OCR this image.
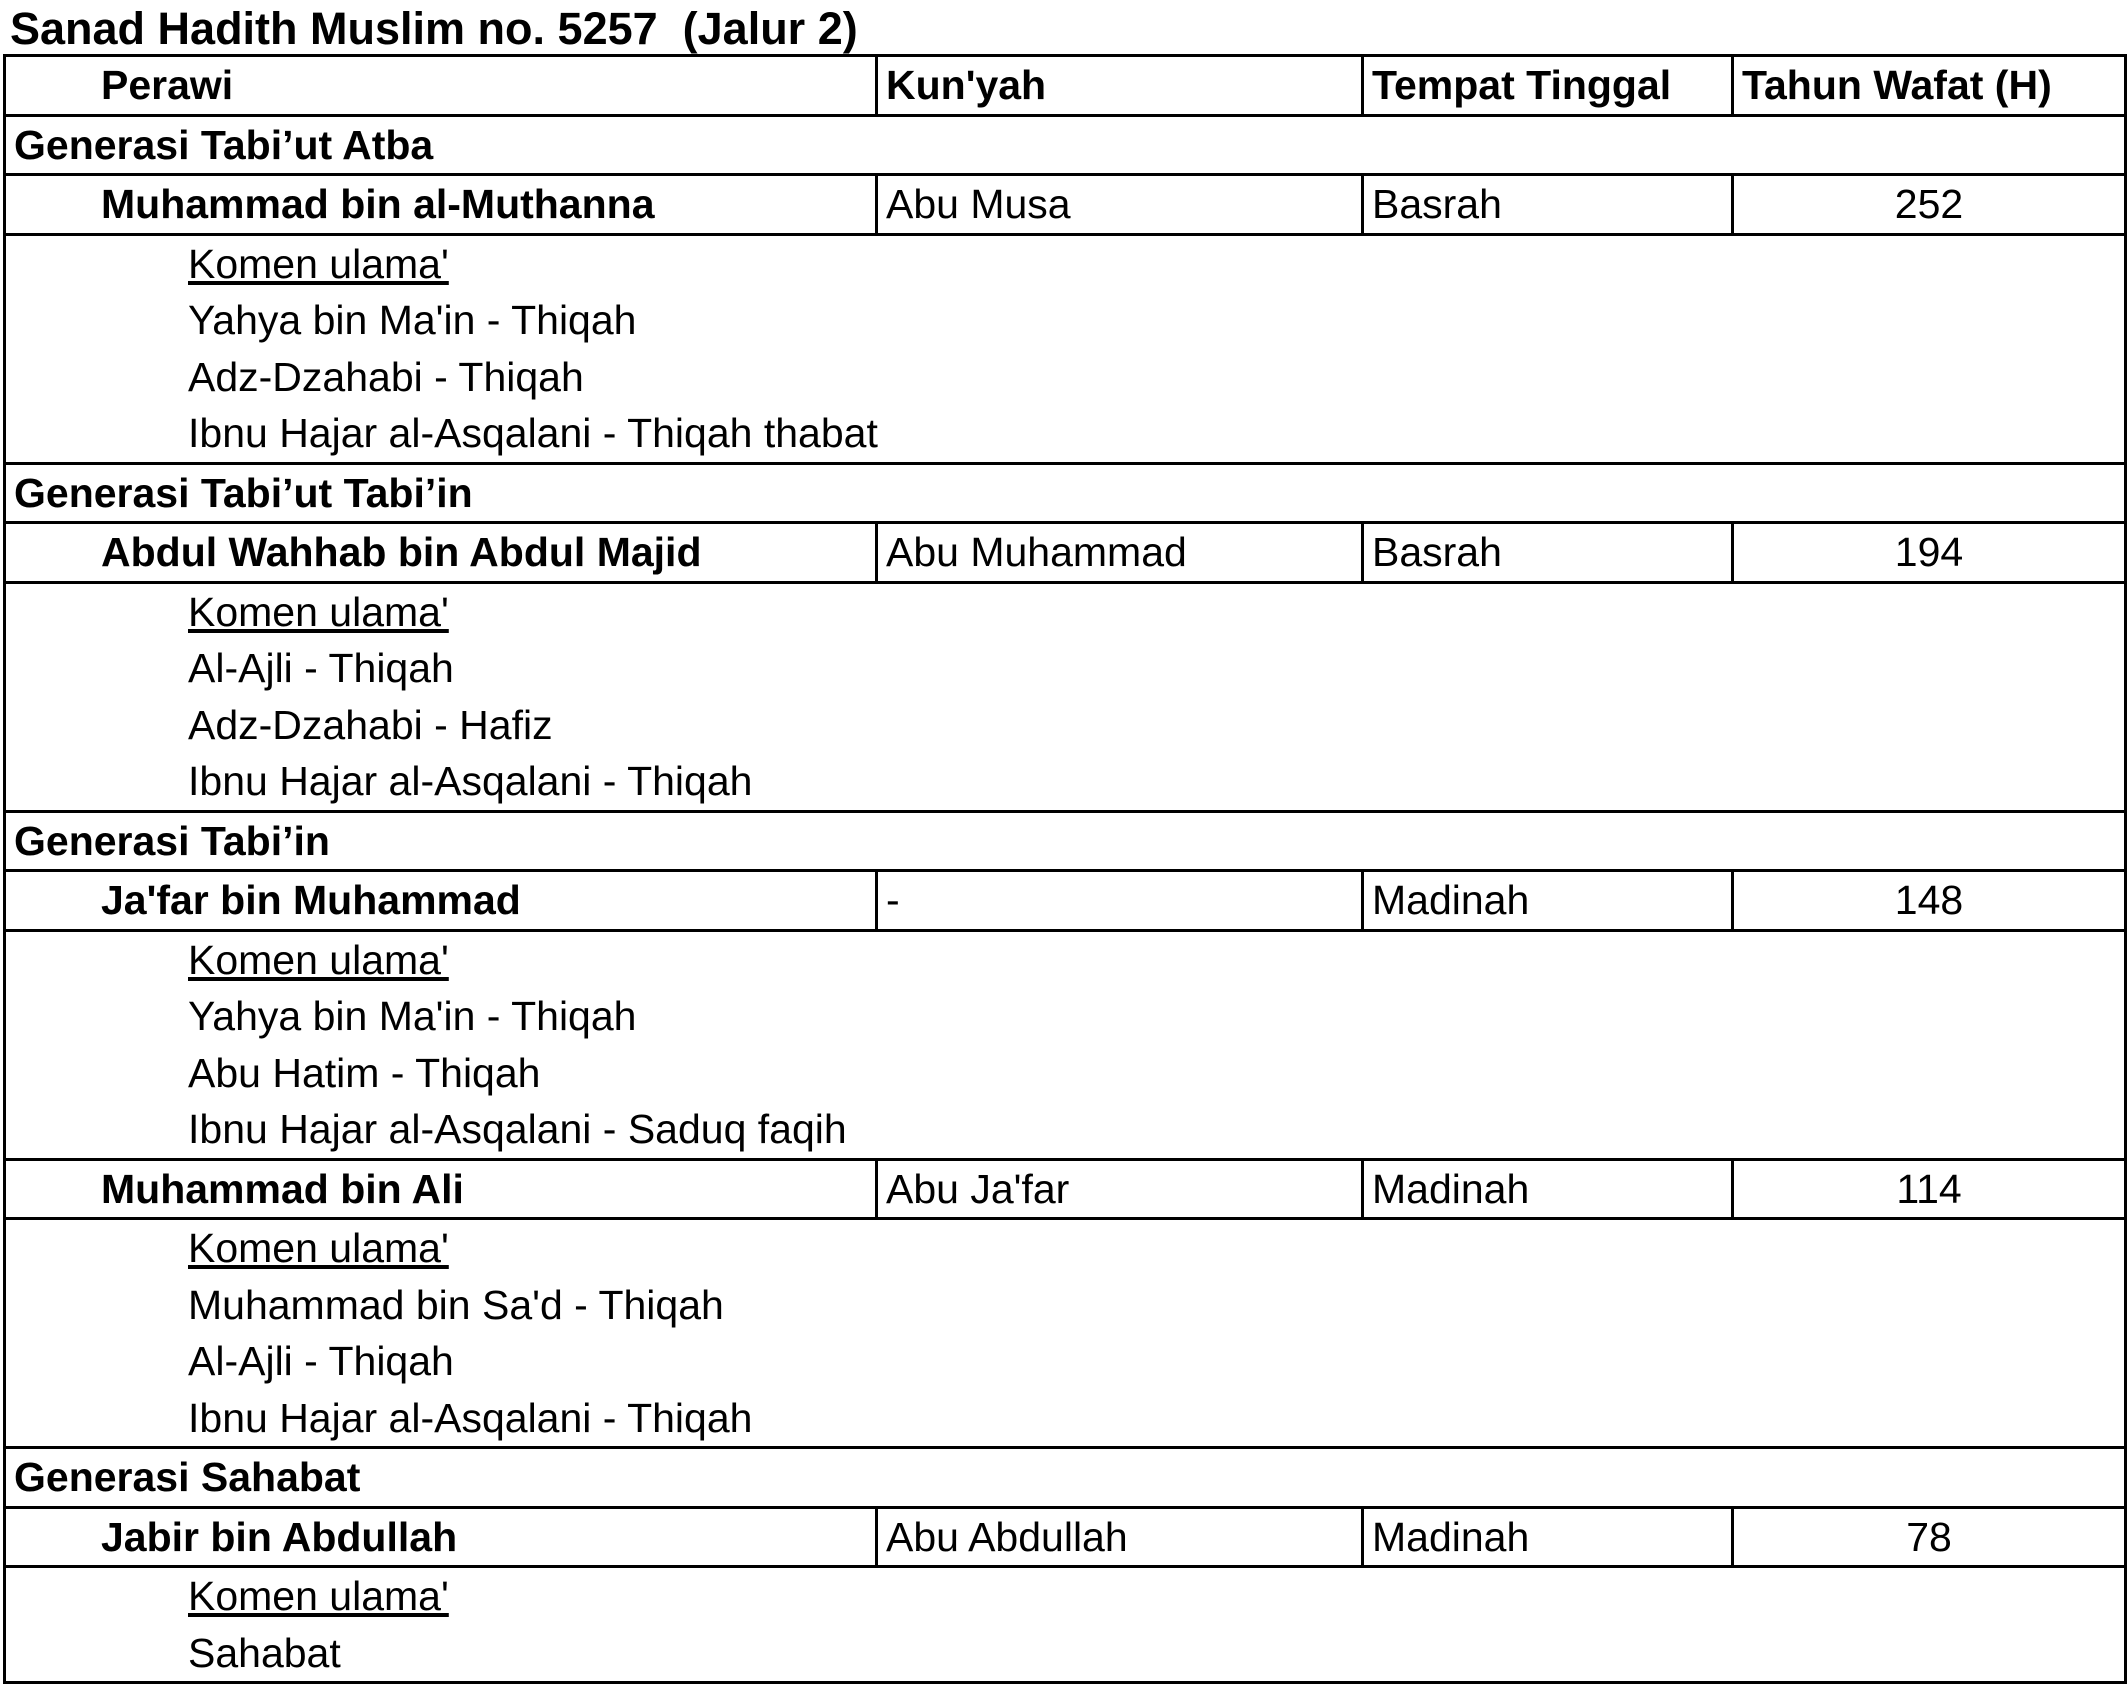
Sanad Hadith Muslim no. 5257  (Jalur 2)
Perawi	Kun'yah	Tempat Tinggal	Tahun Wafat (H)
Generasi Tabi’ut Atba			
Muhammad bin al-Muthanna	Abu Musa	Basrah	252
Komen ulama'			
Yahya bin Ma'in - Thiqah			
Adz-Dzahabi - Thiqah			
Ibnu Hajar al-Asqalani - Thiqah thabat			
Generasi Tabi’ut Tabi’in			
Abdul Wahhab bin Abdul Majid	Abu Muhammad	Basrah	194
Komen ulama'			
Al-Ajli - Thiqah			
Adz-Dzahabi - Hafiz			
Ibnu Hajar al-Asqalani - Thiqah			
Generasi Tabi’in			
Ja'far bin Muhammad	-	Madinah	148
Komen ulama'			
Yahya bin Ma'in - Thiqah			
Abu Hatim - Thiqah			
Ibnu Hajar al-Asqalani - Saduq faqih			
Muhammad bin Ali	Abu Ja'far	Madinah	114
Komen ulama'			
Muhammad bin Sa'd - Thiqah			
Al-Ajli - Thiqah			
Ibnu Hajar al-Asqalani - Thiqah			
Generasi Sahabat			
Jabir bin Abdullah	Abu Abdullah	Madinah	78
Komen ulama'			
Sahabat			
